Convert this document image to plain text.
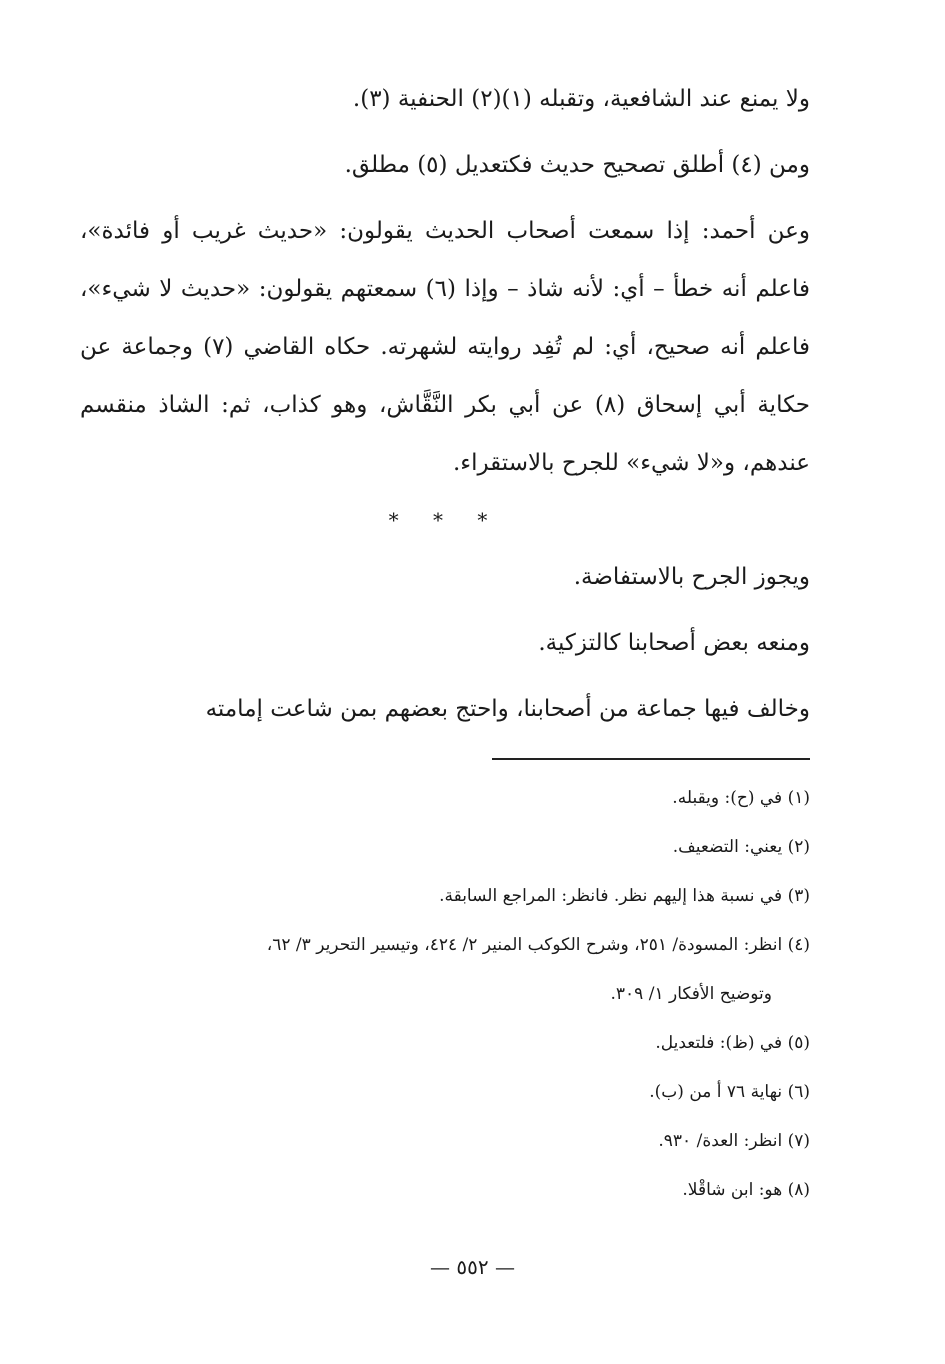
ولا يمنع عند الشافعية، وتقبله (١)(٢) الحنفية (٣).

ومن (٤) أطلق تصحيح حديث فكتعديل (٥) مطلق.

وعن أحمد: إذا سمعت أصحاب الحديث يقولون: «حديث غريب أو فائدة»، فاعلم أنه خطأ – أي: لأنه شاذ – وإذا (٦) سمعتهم يقولون: «حديث لا شيء»، فاعلم أنه صحيح، أي: لم تُفِد روايته لشهرته. حكاه القاضي (٧) وجماعة عن حكاية أبي إسحاق (٨) عن أبي بكر النَّقَّاش، وهو كذاب، ثم: الشاذ منقسم عندهم، و«لا شيء» للجرح بالاستقراء.

* * *

ويجوز الجرح بالاستفاضة.

ومنعه بعض أصحابنا كالتزكية.

وخالف فيها جماعة من أصحابنا، واحتج بعضهم بمن شاعت إمامته

(١) في (ح): ويقبله.

(٢) يعني: التضعيف.

(٣) في نسبة هذا إليهم نظر. فانظر: المراجع السابقة.

(٤) انظر: المسودة/ ٢٥١، وشرح الكوكب المنير ٢/ ٤٢٤، وتيسير التحرير ٣/ ٦٢،

وتوضيح الأفكار ١/ ٣٠٩.

(٥) في (ظ): فلتعديل.

(٦) نهاية ٧٦ أ من (ب).

(٧) انظر: العدة/ ٩٣٠.

(٨) هو: ابن شاقْلا.

— ٥٥٢ —
